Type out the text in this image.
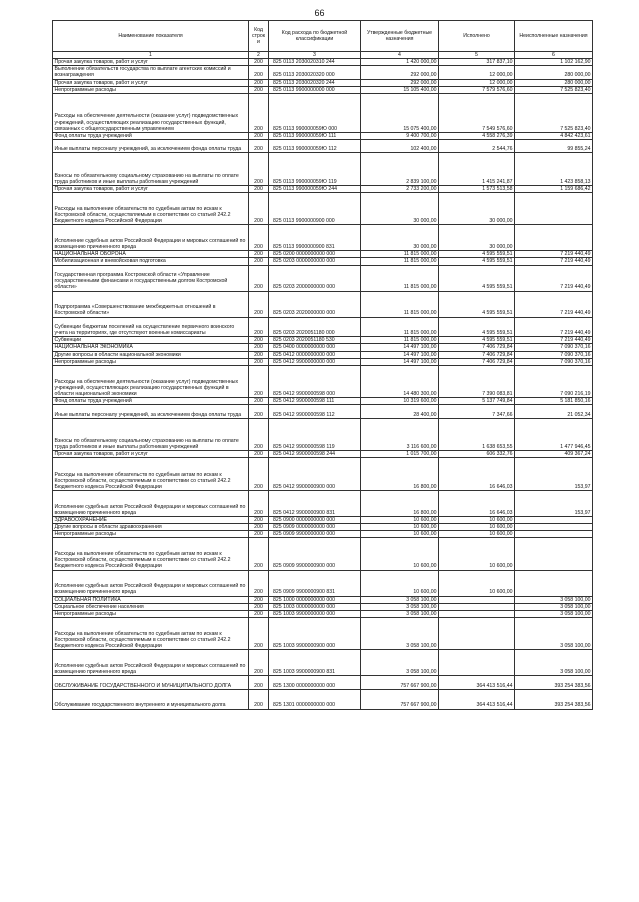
66
Наименование показателя	Код строк и	Код расхода по бюджетной классификации	Утвержденные бюджетные назначения	Исполнено	Неисполненные назначения
1	2	3	4	5	6
Прочая закупка товаров, работ и услуг	200	825 0113 2030020310 244	1 420 000,00	317 837,10	1 102 162,90
Выполнение обязательств государства по выплате агентских комиссий и вознаграждения	200	825 0113 2030020320 000	292 000,00	12 000,00	280 000,00
Прочая закупка товаров, работ и услуг	200	825 0113 2030020320 244	292 000,00	12 000,00	280 000,00
Непрограммные расходы	200	825 0113 9900000000 000	15 105 400,00	7 579 576,60	7 525 823,40
Расходы на обеспечение деятельности (оказание услуг) подведомственных учреждений, осуществляющих реализацию государственных функций, связанных с общегосударственным управлением	200	825 0113 990000059Ю 000	15 075 400,00	7 549 576,60	7 525 823,40
Фонд оплаты труда учреждений	200	825 0113 990000059Ю 111	9 400 700,00	4 558 276,39	4 842 423,61
Иные выплаты персоналу учреждений, за исключением фонда оплаты труда	200	825 0113 990000059Ю 112	102 400,00	2 544,76	99 855,24
Взносы по обязательному социальному страхованию на выплаты по оплате труда работников и иные выплаты работникам учреждений	200	825 0113 990000059Ю 119	2 839 100,00	1 415 241,87	1 423 858,13
Прочая закупка товаров, работ и услуг	200	825 0113 990000059Ю 244	2 733 200,00	1 573 513,58	1 159 686,42
Расходы на выполнение обязательств по судебным актам по искам к Костромской области, осуществляемым в соответствии со статьей 242.2 Бюджетного кодекса Российской Федерации	200	825 0113 9900000900 000	30 000,00	30 000,00	
Исполнение судебных актов Российской Федерации и мировых соглашений по возмещению причиненного вреда	200	825 0113 9900000900 831	30 000,00	30 000,00	
НАЦИОНАЛЬНАЯ ОБОРОНА	200	825 0200 0000000000 000	11 815 000,00	4 595 559,51	7 219 440,49
Мобилизационная и вневойсковая подготовка	200	825 0203 0000000000 000	11 815 000,00	4 595 559,51	7 219 440,49
Государственная программа Костромской области «Управление государственными финансами и государственным долгом Костромской области»	200	825 0203 2000000000 000	11 815 000,00	4 595 559,51	7 219 440,49
Подпрограмма «Совершенствование межбюджетных отношений в Костромской области»	200	825 0203 2020000000 000	11 815 000,00	4 595 559,51	7 219 440,49
Субвенции бюджетам поселений на осуществление первичного воинского учета на территориях, где отсутствуют военные комиссариаты	200	825 0203 2020051180 000	11 815 000,00	4 595 559,51	7 219 440,49
Субвенции	200	825 0203 2020051180 530	11 815 000,00	4 595 559,51	7 219 440,49
НАЦИОНАЛЬНАЯ ЭКОНОМИКА	200	825 0400 0000000000 000	14 497 100,00	7 406 729,84	7 090 370,16
Другие вопросы в области национальной экономики	200	825 0412 0000000000 000	14 497 100,00	7 406 729,84	7 090 370,16
Непрограммные расходы	200	825 0412 9900000000 000	14 497 100,00	7 406 729,84	7 090 370,16
Расходы на обеспечение деятельности (оказание услуг) подведомственных учреждений, осуществляющих реализацию государственных функций в области национальной экономики	200	825 0412 9900000598 000	14 480 300,00	7 390 083,81	7 090 216,19
Фонд оплаты труда учреждений	200	825 0412 9900000598 111	10 319 600,00	5 137 749,84	5 181 850,16
Иные выплаты персоналу учреждений, за исключением фонда оплаты труда	200	825 0412 9900000598 112	28 400,00	7 347,66	21 052,34
Взносы по обязательному социальному страхованию на выплаты по оплате труда работников и иные выплаты работникам учреждений	200	825 0412 9900000598 119	3 116 600,00	1 638 653,55	1 477 946,45
Прочая закупка товаров, работ и услуг	200	825 0412 9900000598 244	1 015 700,00	606 332,76	409 367,24
Расходы на выполнение обязательств по судебным актам по искам к Костромской области, осуществляемым в соответствии со статьей 242.2 Бюджетного кодекса Российской Федерации	200	825 0412 9900000900 000	16 800,00	16 646,03	153,97
Исполнение судебных актов Российской Федерации и мировых соглашений по возмещению причиненного вреда	200	825 0412 9900000900 831	16 800,00	16 646,03	153,97
ЗДРАВООХРАНЕНИЕ	200	825 0900 0000000000 000	10 600,00	10 600,00	
Другие вопросы в области здравоохранения	200	825 0909 0000000000 000	10 600,00	10 600,00	
Непрограммные расходы	200	825 0909 9900000000 000	10 600,00	10 600,00	
Расходы на выполнение обязательств по судебным актам по искам к Костромской области, осуществляемым в соответствии со статьей 242.2 Бюджетного кодекса Российской Федерации	200	825 0909 9900000900 000	10 600,00	10 600,00	
Исполнение судебных актов Российской Федерации и мировых соглашений по возмещению причиненного вреда	200	825 0909 9900000900 831	10 600,00	10 600,00	
СОЦИАЛЬНАЯ ПОЛИТИКА	200	825 1000 0000000000 000	3 058 100,00		3 058 100,00
Социальное обеспечение населения	200	825 1003 0000000000 000	3 058 100,00		3 058 100,00
Непрограммные расходы	200	825 1003 9900000000 000	3 058 100,00		3 058 100,00
Расходы на выполнение обязательств по судебным актам по искам к Костромской области, осуществляемым в соответствии со статьей 242.2 Бюджетного кодекса Российской Федерации	200	825 1003 9900000900 000	3 058 100,00		3 058 100,00
Исполнение судебных актов Российской Федерации и мировых соглашений по возмещению причиненного вреда	200	825 1003 9900000900 831	3 058 100,00		3 058 100,00
ОБСЛУЖИВАНИЕ ГОСУДАРСТВЕННОГО И МУНИЦИПАЛЬНОГО ДОЛГА	200	825 1300 0000000000 000	757 667 900,00	364 413 516,44	393 254 383,56
Обслуживание государственного внутреннего и муниципального долга	200	825 1301 0000000000 000	757 667 900,00	364 413 516,44	393 254 383,56
